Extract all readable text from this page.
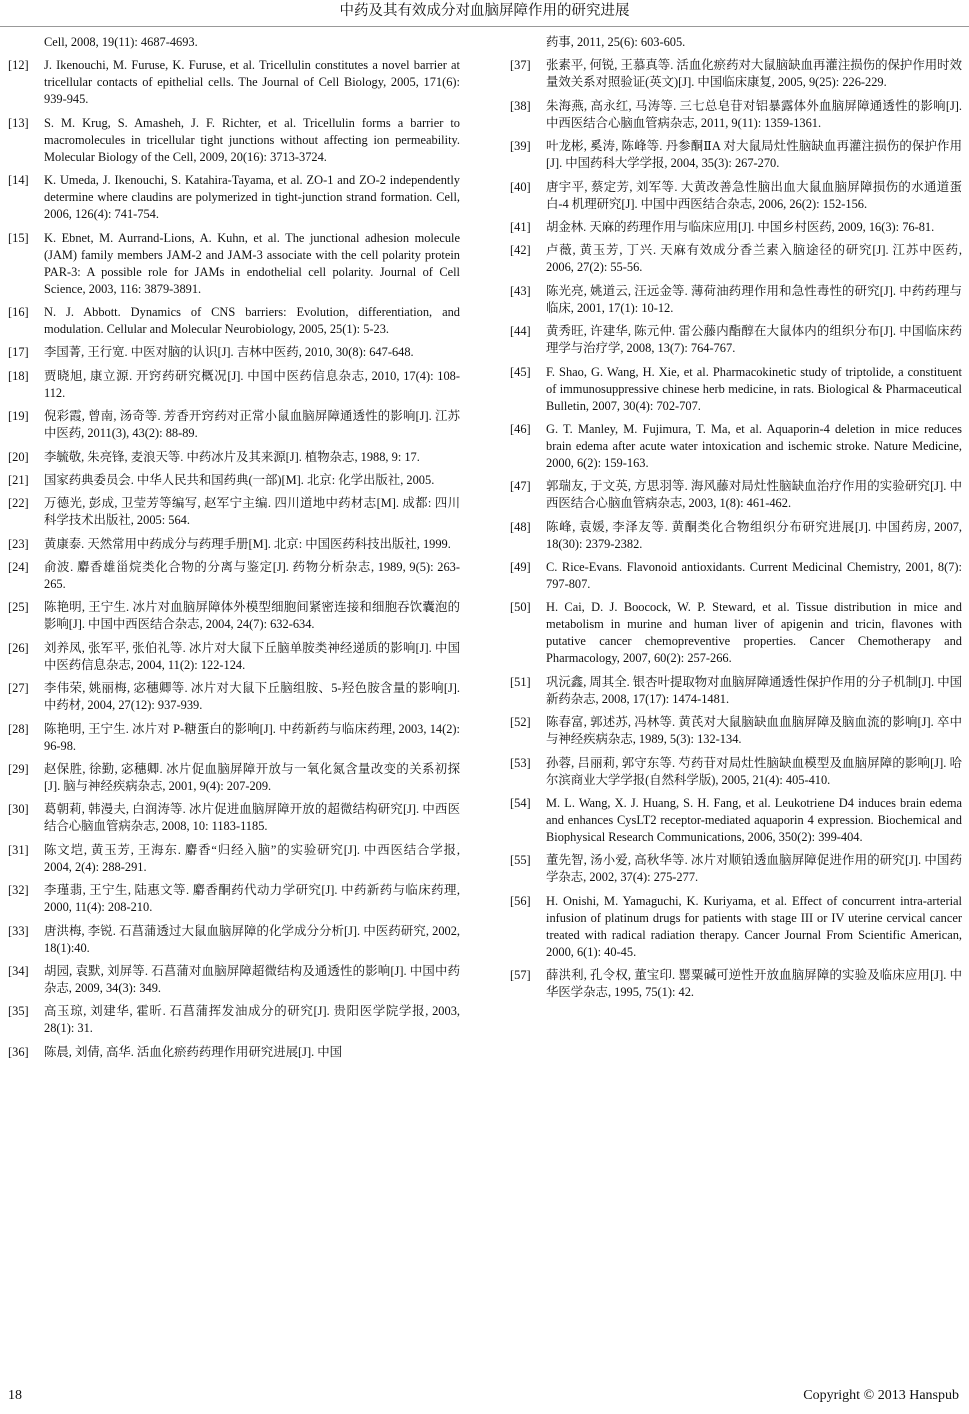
中药及其有效成分对血脑屏障作用的研究进展
Cell, 2008, 19(11): 4687-4693.
[12]	J. Ikenouchi, M. Furuse, K. Furuse, et al. Tricellulin constitutes a novel barrier at tricellular contacts of epithelial cells. The Journal of Cell Biology, 2005, 171(6): 939-945.
[13]	S. M. Krug, S. Amasheh, J. F. Richter, et al. Tricellulin forms a barrier to macromolecules in tricellular tight junctions without affecting ion permeability. Molecular Biology of the Cell, 2009, 20(16): 3713-3724.
[14]	K. Umeda, J. Ikenouchi, S. Katahira-Tayama, et al. ZO-1 and ZO-2 independently determine where claudins are polymerized in tight-junction strand formation. Cell, 2006, 126(4): 741-754.
[15]	K. Ebnet, M. Aurrand-Lions, A. Kuhn, et al. The junctional adhesion molecule (JAM) family members JAM-2 and JAM-3 associate with the cell polarity protein PAR-3: A possible role for JAMs in endothelial cell polarity. Journal of Cell Science, 2003, 116: 3879-3891.
[16]	N. J. Abbott. Dynamics of CNS barriers: Evolution, differentiation, and modulation. Cellular and Molecular Neurobiology, 2005, 25(1): 5-23.
[17]	李国菁, 王行宽. 中医对脑的认识[J]. 吉林中医药, 2010, 30(8): 647-648.
[18]	贾晓旭, 康立源. 开窍药研究概况[J]. 中国中医药信息杂志, 2010, 17(4): 108-112.
[19]	倪彩霞, 曾南, 汤奇等. 芳香开窍药对正常小鼠血脑屏障通透性的影响[J]. 江苏中医药, 2011(3), 43(2): 88-89.
[20]	李毓敬, 朱亮锋, 麦浪天等. 中药冰片及其来源[J]. 植物杂志, 1988, 9: 17.
[21]	国家药典委员会. 中华人民共和国药典(一部)[M]. 北京: 化学出版社, 2005.
[22]	万德光, 彭成, 卫莹芳等编写, 赵军宁主编. 四川道地中药材志[M]. 成都: 四川科学技术出版社, 2005: 564.
[23]	黄康泰. 天然常用中药成分与药理手册[M]. 北京: 中国医药科技出版社, 1999.
[24]	俞波. 麝香雄甾烷类化合物的分离与鉴定[J]. 药物分析杂志, 1989, 9(5): 263-265.
[25]	陈艳明, 王宁生. 冰片对血脑屏障体外模型细胞间紧密连接和细胞吞饮囊泡的影响[J]. 中国中西医结合杂志, 2004, 24(7): 632-634.
[26]	刘养凤, 张军平, 张伯礼等. 冰片对大鼠下丘脑单胺类神经递质的影响[J]. 中国中医药信息杂志, 2004, 11(2): 122-124.
[27]	李伟荣, 姚丽梅, 宓穗卿等. 冰片对大鼠下丘脑组胺、5-羟色胺含量的影响[J]. 中药材, 2004, 27(12): 937-939.
[28]	陈艳明, 王宁生. 冰片对 P-糖蛋白的影响[J]. 中药新药与临床药理, 2003, 14(2): 96-98.
[29]	赵保胜, 徐勤, 宓穗卿. 冰片促血脑屏障开放与一氧化氮含量改变的关系初探[J]. 脑与神经疾病杂志, 2001, 9(4): 207-209.
[30]	葛朝莉, 韩漫夫, 白润涛等. 冰片促进血脑屏障开放的超微结构研究[J]. 中西医结合心脑血管病杂志, 2008, 10: 1183-1185.
[31]	陈文垲, 黄玉芳, 王海东. 麝香“归经入脑”的实验研究[J]. 中西医结合学报, 2004, 2(4): 288-291.
[32]	李瑾翡, 王宁生, 陆惠文等. 麝香酮药代动力学研究[J]. 中药新药与临床药理, 2000, 11(4): 208-210.
[33]	唐洪梅, 李锐. 石菖蒲透过大鼠血脑屏障的化学成分分析[J]. 中医药研究, 2002, 18(1):40.
[34]	胡园, 袁默, 刘屏等. 石菖蒲对血脑屏障超微结构及通透性的影响[J]. 中国中药杂志, 2009, 34(3): 349.
[35]	高玉琼, 刘建华, 霍昕. 石菖蒲挥发油成分的研究[J]. 贵阳医学院学报, 2003, 28(1): 31.
[36]	陈晨, 刘倩, 高华. 活血化瘀药药理作用研究进展[J]. 中国
药事, 2011, 25(6): 603-605.
[37]	张素平, 何锐, 王慕真等. 活血化瘀药对大鼠脑缺血再灌注损伤的保护作用时效量效关系对照验证(英文)[J]. 中国临床康复, 2005, 9(25): 226-229.
[38]	朱海燕, 高永红, 马涛等. 三七总皂苷对铝暴露体外血脑屏障通透性的影响[J]. 中西医结合心脑血管病杂志, 2011, 9(11): 1359-1361.
[39]	叶龙彬, 奚涛, 陈峰等. 丹参酮ⅡA 对大鼠局灶性脑缺血再灌注损伤的保护作用[J]. 中国药科大学学报, 2004, 35(3): 267-270.
[40]	唐宇平, 蔡定芳, 刘军等. 大黄改善急性脑出血大鼠血脑屏障损伤的水通道蛋白-4 机理研究[J]. 中国中西医结合杂志, 2006, 26(2): 152-156.
[41]	胡金林. 天麻的药理作用与临床应用[J]. 中国乡村医药, 2009, 16(3): 76-81.
[42]	卢薇, 黄玉芳, 丁兴. 天麻有效成分香兰素入脑途径的研究[J]. 江苏中医药, 2006, 27(2): 55-56.
[43]	陈光亮, 姚道云, 汪远金等. 薄荷油药理作用和急性毒性的研究[J]. 中药药理与临床, 2001, 17(1): 10-12.
[44]	黄秀旺, 许建华, 陈元仲. 雷公藤内酯醇在大鼠体内的组织分布[J]. 中国临床药理学与治疗学, 2008, 13(7): 764-767.
[45]	F. Shao, G. Wang, H. Xie, et al. Pharmacokinetic study of triptolide, a constituent of immunosuppressive chinese herb medicine, in rats. Biological & Pharmaceutical Bulletin, 2007, 30(4): 702-707.
[46]	G. T. Manley, M. Fujimura, T. Ma, et al. Aquaporin-4 deletion in mice reduces brain edema after acute water intoxication and ischemic stroke. Nature Medicine, 2000, 6(2): 159-163.
[47]	郭瑞友, 于文英, 方思羽等. 海风藤对局灶性脑缺血治疗作用的实验研究[J]. 中西医结合心脑血管病杂志, 2003, 1(8): 461-462.
[48]	陈峰, 袁媛, 李泽友等. 黄酮类化合物组织分布研究进展[J]. 中国药房, 2007, 18(30): 2379-2382.
[49]	C. Rice-Evans. Flavonoid antioxidants. Current Medicinal Chemistry, 2001, 8(7): 797-807.
[50]	H. Cai, D. J. Boocock, W. P. Steward, et al. Tissue distribution in mice and metabolism in murine and human liver of apigenin and tricin, flavones with putative cancer chemopreventive properties. Cancer Chemotherapy and Pharmacology, 2007, 60(2): 257-266.
[51]	巩沅鑫, 周其全. 银杏叶提取物对血脑屏障通透性保护作用的分子机制[J]. 中国新药杂志, 2008, 17(17): 1474-1481.
[52]	陈春富, 郭述苏, 冯林等. 黄芪对大鼠脑缺血血脑屏障及脑血流的影响[J]. 卒中与神经疾病杂志, 1989, 5(3): 132-134.
[53]	孙蓉, 吕丽莉, 郭守东等. 芍药苷对局灶性脑缺血模型及血脑屏障的影响[J]. 哈尔滨商业大学学报(自然科学版), 2005, 21(4): 405-410.
[54]	M. L. Wang, X. J. Huang, S. H. Fang, et al. Leukotriene D4 induces brain edema and enhances CysLT2 receptor-mediated aquaporin 4 expression. Biochemical and Biophysical Research Communications, 2006, 350(2): 399-404.
[55]	董先智, 汤小爱, 高秋华等. 冰片对顺铂透血脑屏障促进作用的研究[J]. 中国药学杂志, 2002, 37(4): 275-277.
[56]	H. Onishi, M. Yamaguchi, K. Kuriyama, et al. Effect of concurrent intra-arterial infusion of platinum drugs for patients with stage III or IV uterine cervical cancer treated with radical radiation therapy. Cancer Journal From Scientific American, 2000, 6(1): 40-45.
[57]	薛洪利, 孔令权, 董宝印. 罂粟碱可逆性开放血脑屏障的实验及临床应用[J]. 中华医学杂志, 1995, 75(1): 42.
18	Copyright © 2013 Hanspub
